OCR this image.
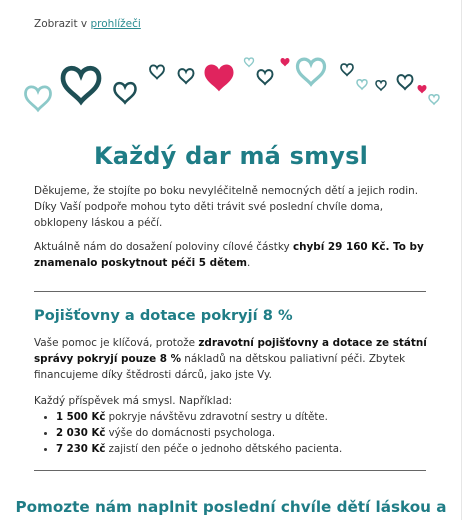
Zobrazit v prohlížeči
Každý dar má smysl
Děkujeme, že stojíte po boku nevyléčitelně nemocných dětí a jejich rodin. Díky Vaší podpoře mohou tyto děti trávit své poslední chvíle doma, obklopeny láskou a péčí.
Aktuálně nám do dosažení poloviny cílové částky chybí 29 160 Kč. To by znamenalo poskytnout péči 5 dětem.
Pojišťovny a dotace pokryjí 8 %
Vaše pomoc je klíčová, protože zdravotní pojišťovny a dotace ze státní správy pokryjí pouze 8 % nákladů na dětskou paliativní péči. Zbytek financujeme díky štědrosti dárců, jako jste Vy.
Každý příspěvek má smysl. Například:
• 1 500 Kč pokryje návštěvu zdravotní sestry u dítěte.
• 2 030 Kč výše do domácnosti psychologa.
• 7 230 Kč zajistí den péče o jednoho dětského pacienta.
Pomozte nám naplnit poslední chvíle dětí láskou a
